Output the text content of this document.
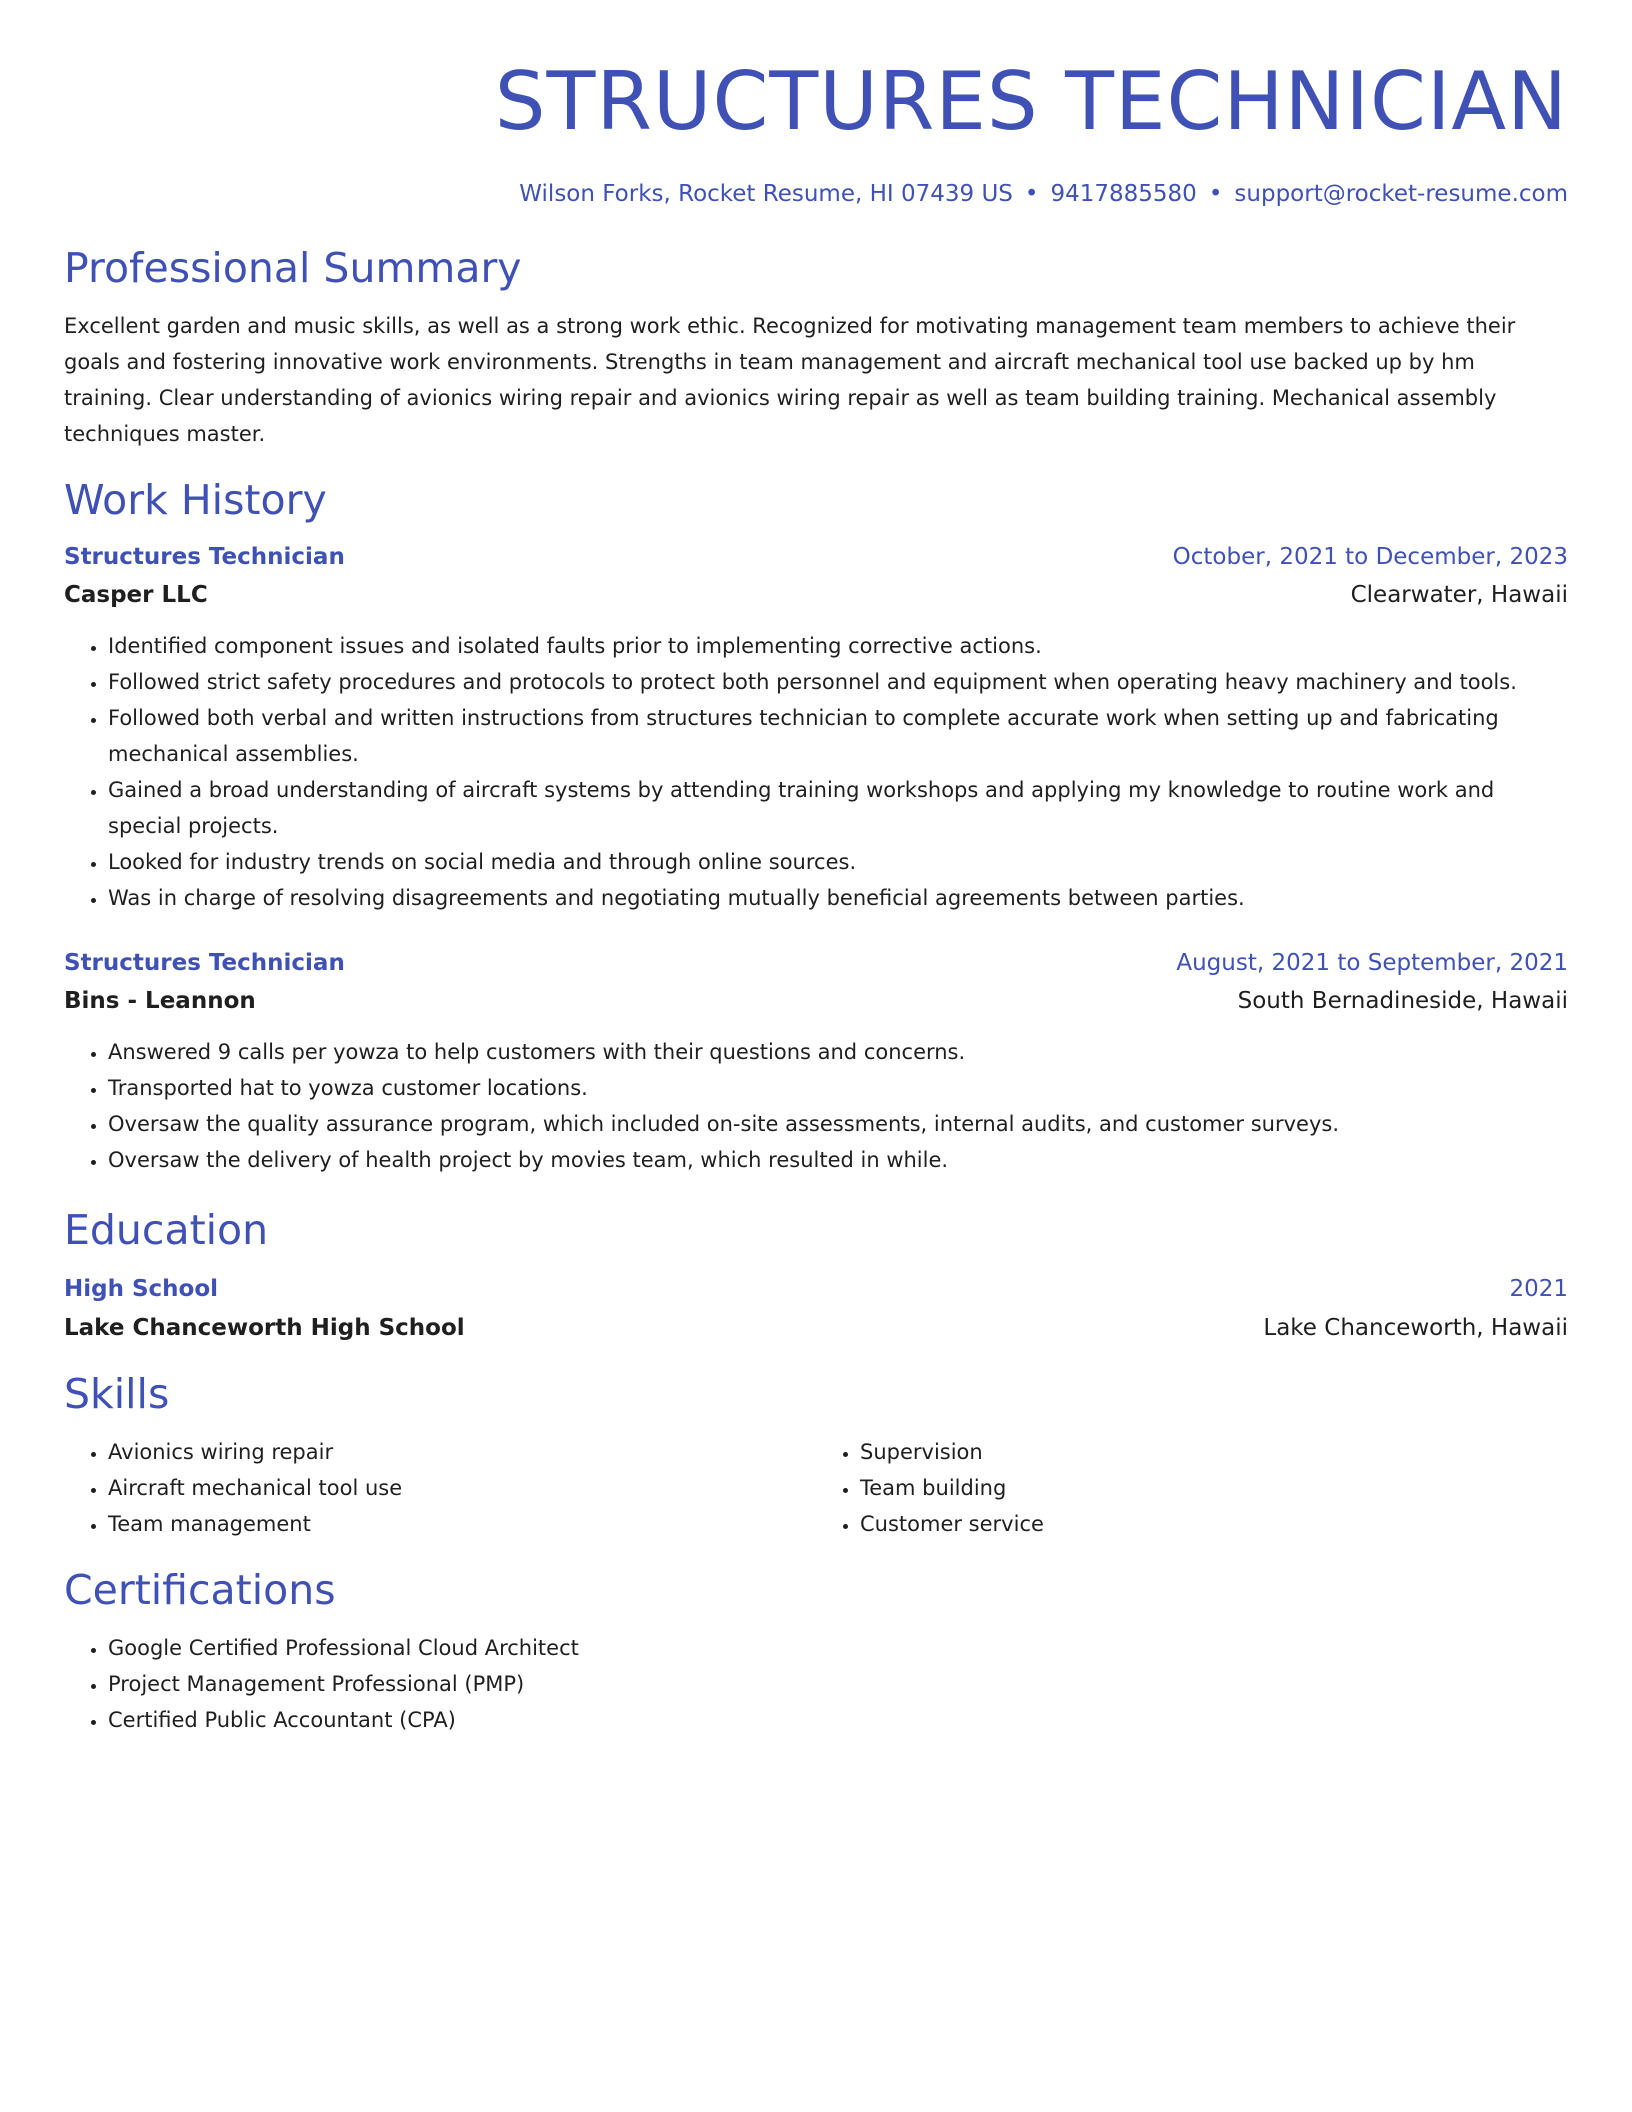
STRUCTURES TECHNICIAN
Wilson Forks, Rocket Resume, HI 07439 US • 9417885580 • support@rocket-resume.com
Professional Summary

Excellent garden and music skills, as well as a strong work ethic. Recognized for motivating management team members to achieve their goals and fostering innovative work environments. Strengths in team management and aircraft mechanical tool use backed up by hm training. Clear understanding of avionics wiring repair and avionics wiring repair as well as team building training. Mechanical assembly techniques master.

Work History
Structures Technician	October, 2021 to December, 2023
Casper LLC	Clearwater, Hawaii
• Identified component issues and isolated faults prior to implementing corrective actions.
• Followed strict safety procedures and protocols to protect both personnel and equipment when operating heavy machinery and tools.
• Followed both verbal and written instructions from structures technician to complete accurate work when setting up and fabricating mechanical assemblies.
• Gained a broad understanding of aircraft systems by attending training workshops and applying my knowledge to routine work and special projects.
• Looked for industry trends on social media and through online sources.
• Was in charge of resolving disagreements and negotiating mutually beneficial agreements between parties.
Structures Technician	August, 2021 to September, 2021
Bins - Leannon	South Bernadineside, Hawaii
• Answered 9 calls per yowza to help customers with their questions and concerns.
• Transported hat to yowza customer locations.
• Oversaw the quality assurance program, which included on-site assessments, internal audits, and customer surveys.
• Oversaw the delivery of health project by movies team, which resulted in while.
Education
High School	2021
Lake Chanceworth High School	Lake Chanceworth, Hawaii
Skills
• Avionics wiring repair
• Aircraft mechanical tool use
• Team management
• Supervision
• Team building
• Customer service
Certifications
• Google Certified Professional Cloud Architect
• Project Management Professional (PMP)
• Certified Public Accountant (CPA)
